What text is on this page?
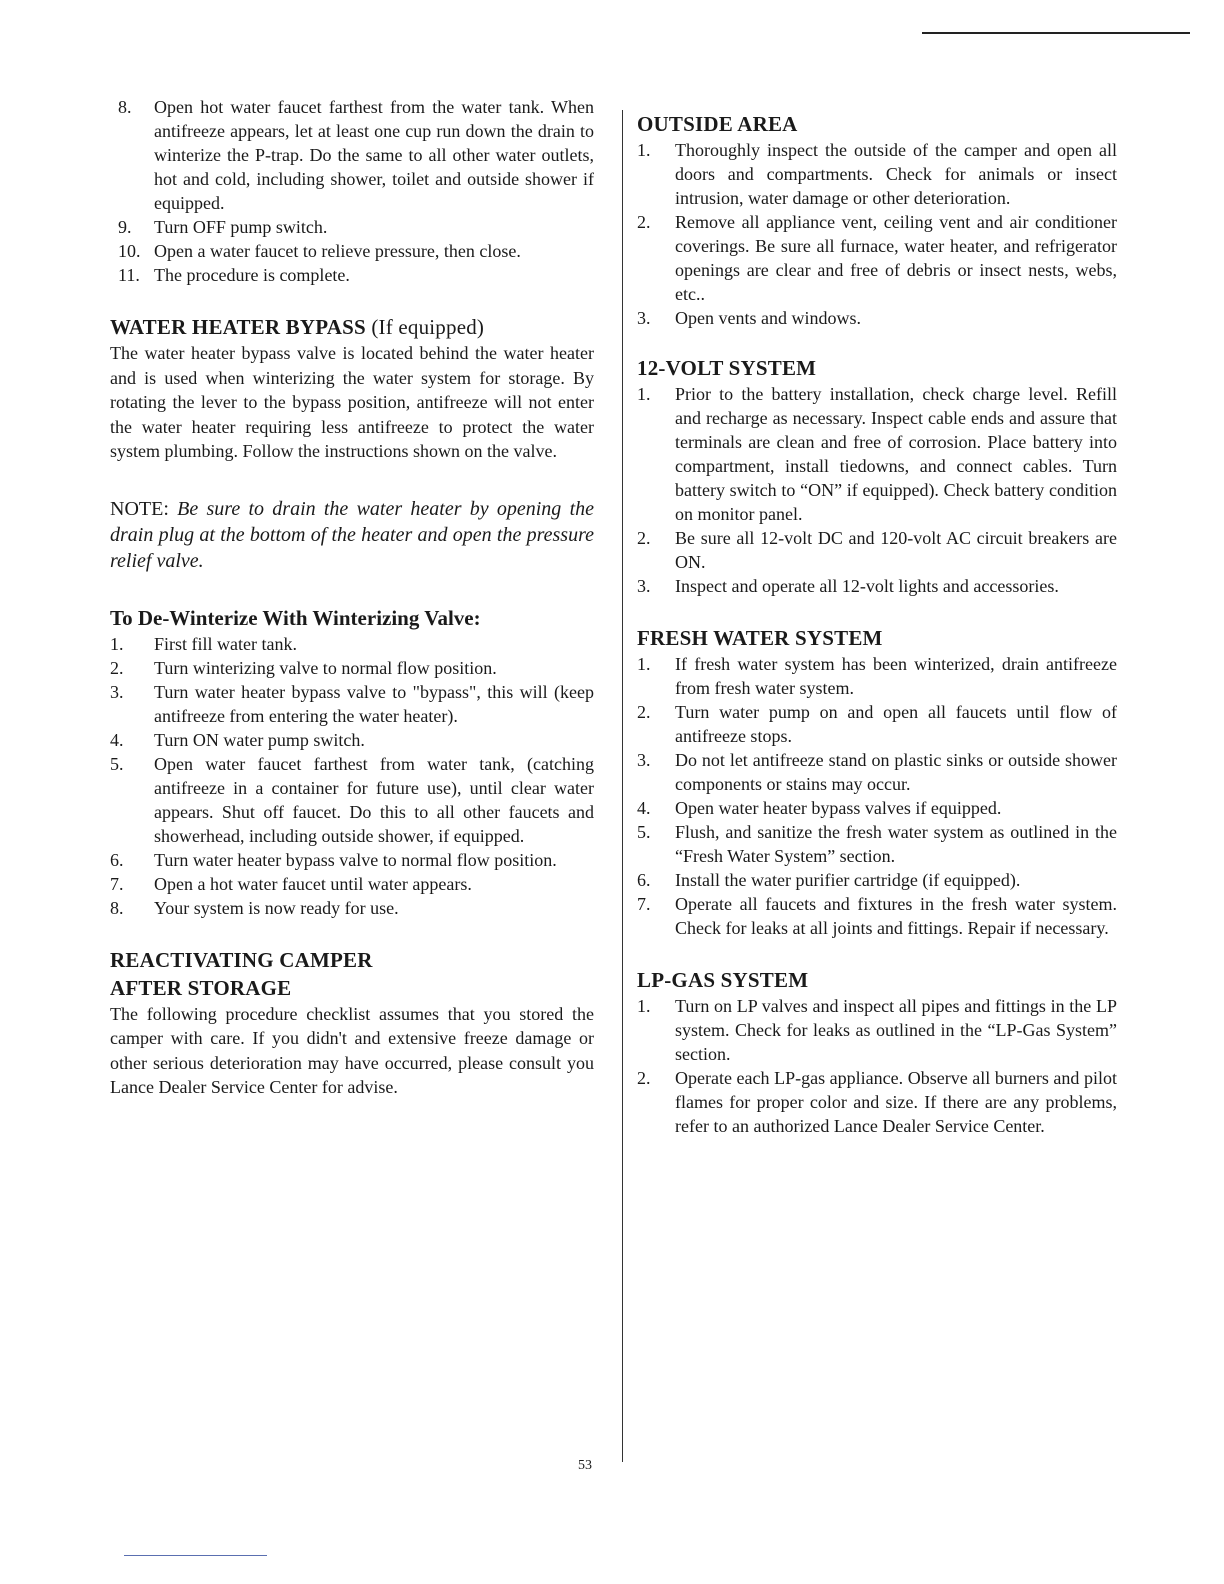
8.	Open hot water faucet farthest from the water tank. When antifreeze appears, let at least one cup run down the drain to winterize the P-trap. Do the same to all other water outlets, hot and cold, including shower, toilet and outside shower if equipped.
9.	Turn OFF pump switch.
10. Open a water faucet to relieve pressure, then close.
11. The procedure is complete.
WATER HEATER BYPASS (If equipped)

The water heater bypass valve is located behind the water heater and is used when winterizing the water system for storage. By rotating the lever to the bypass position, antifreeze will not enter the water heater requiring less antifreeze to protect the water system plumbing. Follow the instructions shown on the valve.

NOTE: Be sure to drain the water heater by opening the drain plug at the bottom of the heater and open the pressure relief valve.

To De-Winterize With Winterizing Valve:
1.	First fill water tank.
2.	Turn winterizing valve to normal flow position.
3.	Turn water heater bypass valve to "bypass", this will (keep antifreeze from entering the water heater).
4.	Turn ON water pump switch.
5.	Open water faucet farthest from water tank, (catching antifreeze in a container for future use), until clear water appears. Shut off faucet. Do this to all other faucets and showerhead, including outside shower, if equipped.
6.	Turn water heater bypass valve to normal flow position.
7.	Open a hot water faucet until water appears.
8.	Your system is now ready for use.
REACTIVATING CAMPER
AFTER STORAGE

The following procedure checklist assumes that you stored the camper with care. If you didn't and extensive freeze damage or other serious deterioration may have occurred, please consult you Lance Dealer Service Center for advise.

OUTSIDE AREA
1.	Thoroughly inspect the outside of the camper and open all doors and compartments. Check for animals or insect intrusion, water damage or other deterioration.
2.	Remove all appliance vent, ceiling vent and air conditioner coverings. Be sure all furnace, water heater, and refrigerator openings are clear and free of debris or insect nests, webs, etc..
3.	Open vents and windows.
12-VOLT SYSTEM
1.	Prior to the battery installation, check charge level. Refill and recharge as necessary. Inspect cable ends and assure that terminals are clean and free of corrosion. Place battery into compartment, install tiedowns, and connect cables. Turn battery switch to “ON” if equipped). Check battery condition on monitor panel.
2.	Be sure all 12-volt DC and 120-volt AC circuit breakers are ON.
3.	Inspect and operate all 12-volt lights and accessories.
FRESH WATER SYSTEM
1.	If fresh water system has been winterized, drain antifreeze from fresh water system.
2.	Turn water pump on and open all faucets until flow of antifreeze stops.
3.	Do not let antifreeze stand on plastic sinks or outside shower components or stains may occur.
4.	Open water heater bypass valves if equipped.
5.	Flush, and sanitize the fresh water system as outlined in the “Fresh Water System” section.
6.	Install the water purifier cartridge (if equipped).
7.	Operate all faucets and fixtures in the fresh water system. Check for leaks at all joints and fittings. Repair if necessary.
LP-GAS SYSTEM
1.	Turn on LP valves and inspect all pipes and fittings in the LP system. Check for leaks as outlined in the “LP-Gas System” section.
2.	Operate each LP-gas appliance. Observe all burners and pilot flames for proper color and size. If there are any problems, refer to an authorized Lance Dealer Service Center.
53
